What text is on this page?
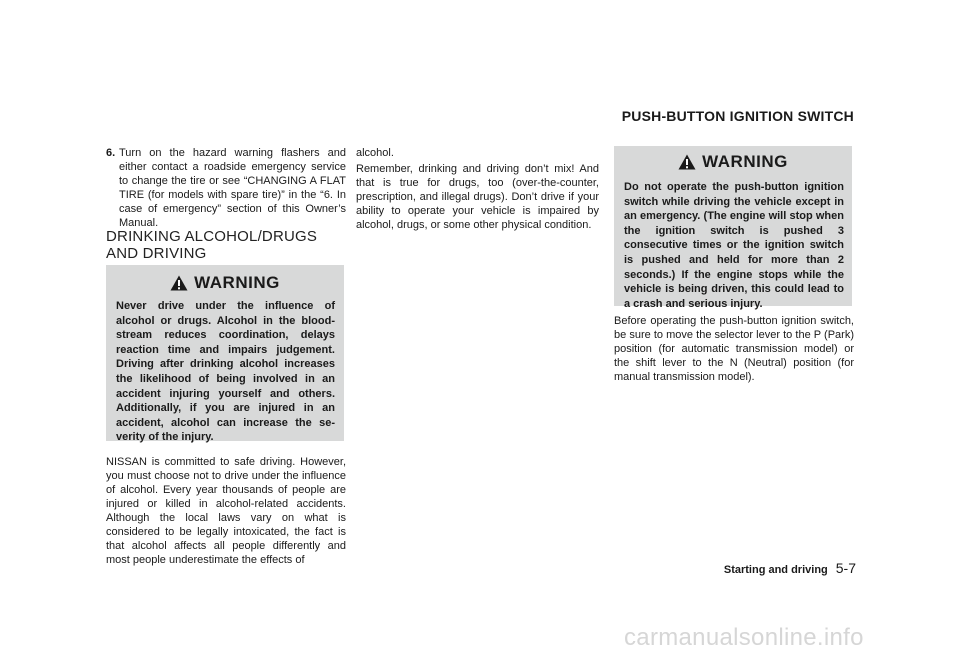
PUSH-BUTTON IGNITION SWITCH
6. Turn on the hazard warning flashers and either contact a roadside emergency service to change the tire or see “CHANGING A FLAT TIRE (for models with spare tire)” in the “6. In case of emergency” section of this Owner’s Manual.
DRINKING ALCOHOL/DRUGS AND DRIVING
WARNING
Never drive under the influence of alcohol or drugs. Alcohol in the blood-stream reduces coordination, delays reaction time and impairs judgement. Driving after drinking alcohol increases the likelihood of being involved in an accident injuring yourself and others. Additionally, if you are injured in an accident, alcohol can increase the se-verity of the injury.

NISSAN is committed to safe driving. However, you must choose not to drive under the influence of alcohol. Every year thousands of people are injured or killed in alcohol-related accidents. Although the local laws vary on what is considered to be legally intoxicated, the fact is that alcohol affects all people differently and most people underestimate the effects of

alcohol.

Remember, drinking and driving don’t mix! And that is true for drugs, too (over-the-counter, prescription, and illegal drugs). Don’t drive if your ability to operate your vehicle is impaired by alcohol, drugs, or some other physical condition.

WARNING
Do not operate the push-button ignition switch while driving the vehicle except in an emergency. (The engine will stop when the ignition switch is pushed 3 consecutive times or the ignition switch is pushed and held for more than 2 seconds.) If the engine stops while the vehicle is being driven, this could lead to a crash and serious injury.

Before operating the push-button ignition switch, be sure to move the selector lever to the P (Park) position (for automatic transmission model) or the shift lever to the N (Neutral) position (for manual transmission model).

Starting and driving 5-7
carmanualsonline.info
